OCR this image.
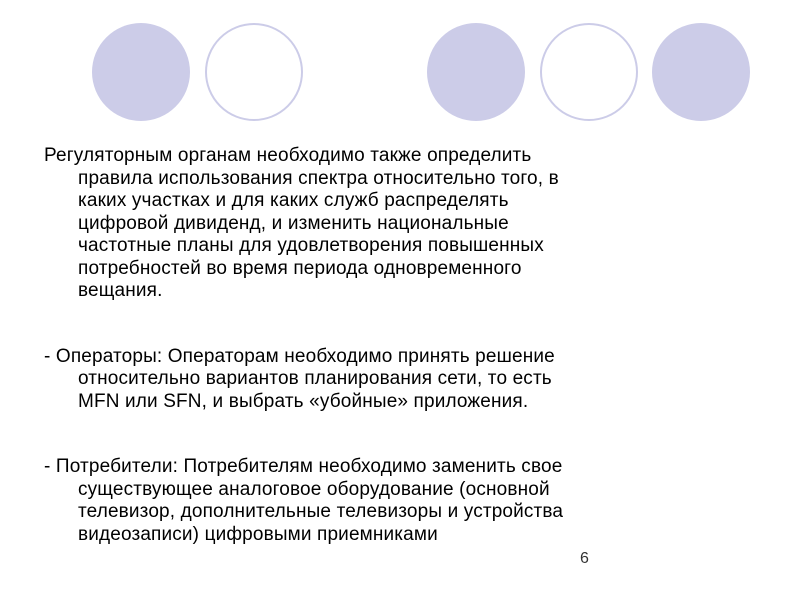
Регуляторным органам необходимо также определить
правила использования спектра относительно того, в
каких участках и для каких служб распределять
цифровой дивиденд, и изменить национальные
частотные планы для удовлетворения повышенных
потребностей во время периода одновременного
вещания.

- Операторы: Операторам необходимо принять решение
относительно вариантов планирования сети, то есть
MFN или SFN, и выбрать «убойные» приложения.

- Потребители: Потребителям необходимо заменить свое
существующее аналоговое оборудование (основной
телевизор, дополнительные телевизоры и устройства
видеозаписи) цифровыми приемниками

6
